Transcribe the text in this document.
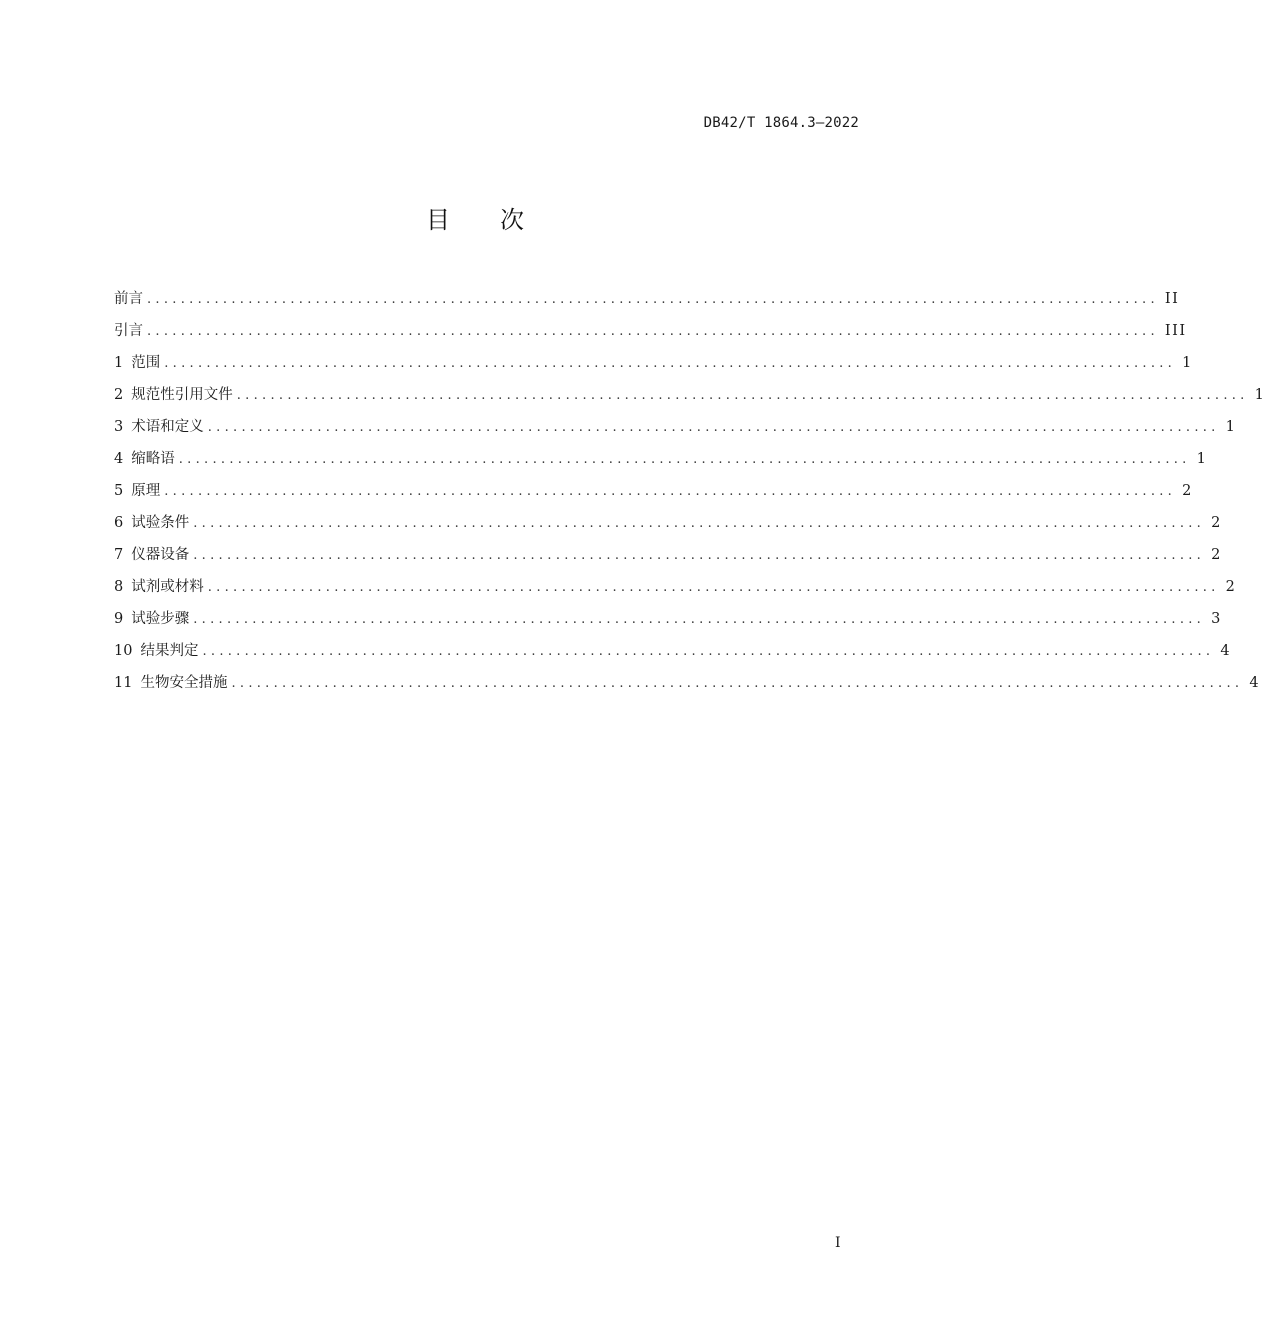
DB42/T 1864.3—2022
目 次
前言 ........................................................................................................................ II
引言 ........................................................................................................................ III
1 范围 ........................................................................................................................ 1
2 规范性引用文件 ........................................................................................................................ 1
3 术语和定义 ........................................................................................................................ 1
4 缩略语 ........................................................................................................................ 1
5 原理 ........................................................................................................................ 2
6 试验条件 ........................................................................................................................ 2
7 仪器设备 ........................................................................................................................ 2
8 试剂或材料 ........................................................................................................................ 2
9 试验步骤 ........................................................................................................................ 3
10 结果判定 ........................................................................................................................ 4
11 生物安全措施 ........................................................................................................................ 4
I
